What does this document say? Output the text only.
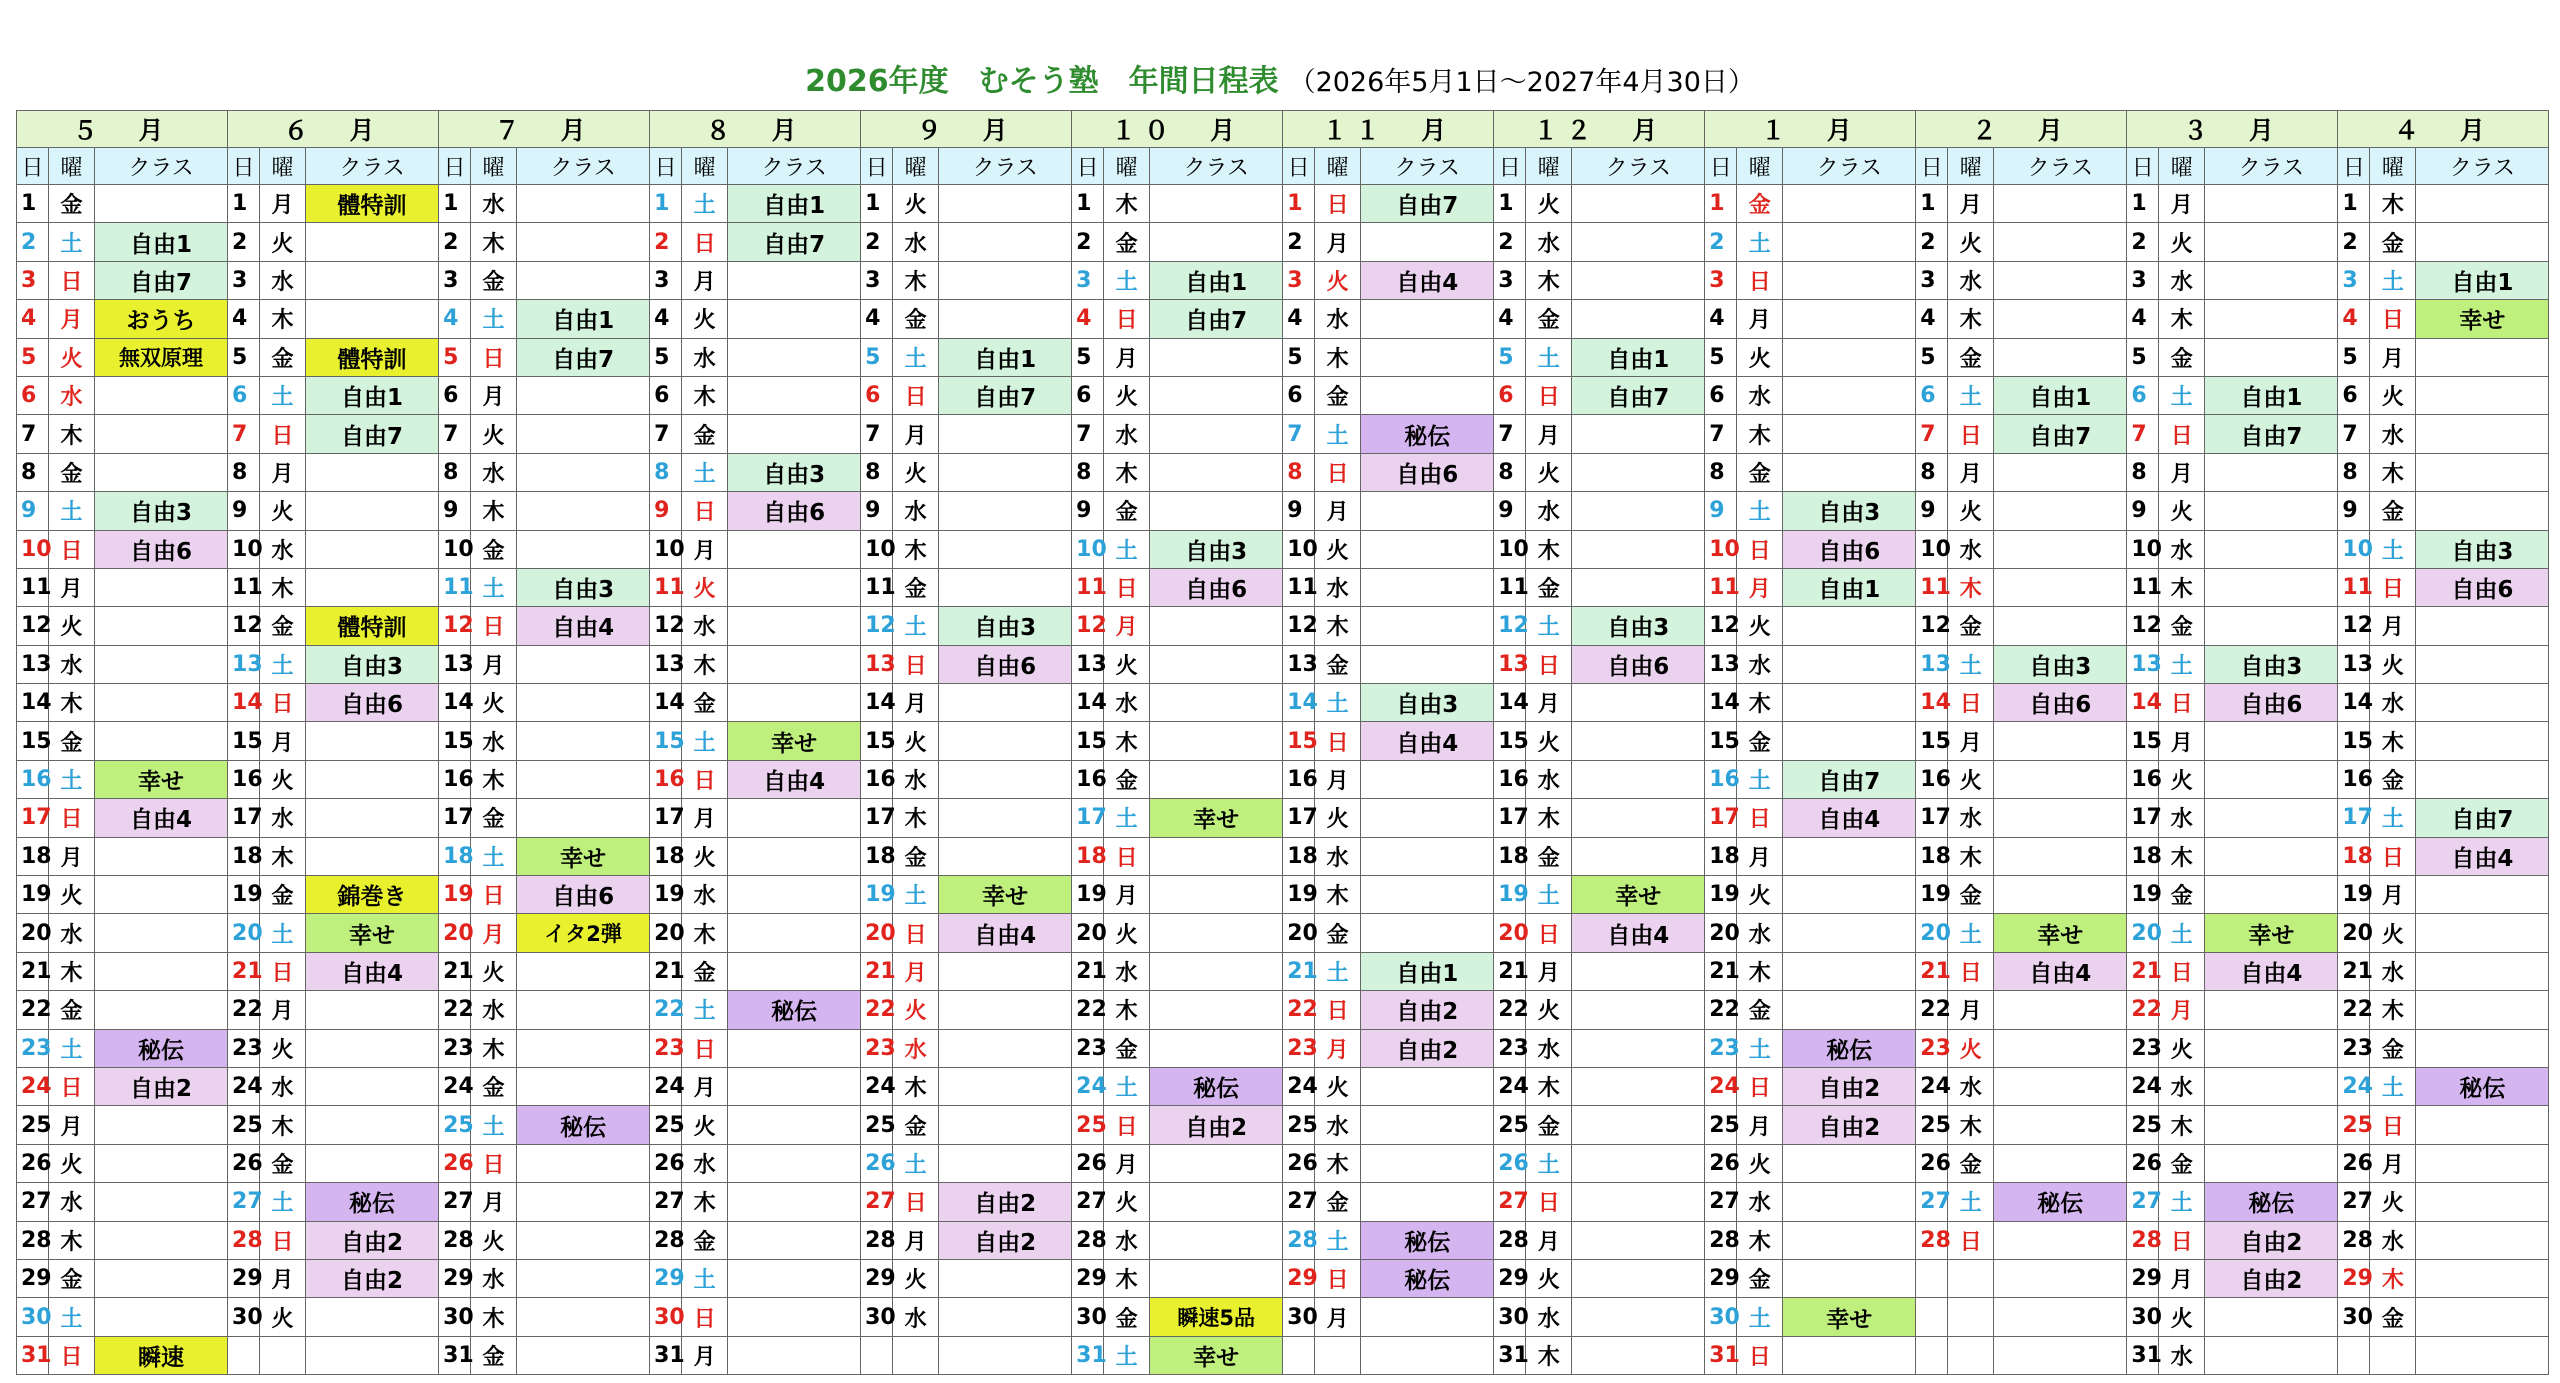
2026年度　むそう塾　年間日程表 （2026年5月1日～2027年4月30日）
５　月			６　月			７　月			８　月			９　月			１０　月			１１　月			１２　月			１　月			２　月			３　月			４　月		
日	曜	クラス	日	曜	クラス	日	曜	クラス	日	曜	クラス	日	曜	クラス	日	曜	クラス	日	曜	クラス	日	曜	クラス	日	曜	クラス	日	曜	クラス	日	曜	クラス	日	曜	クラス
1	金		1	月	體特訓	1	水		1	土	自由1	1	火		1	木		1	日	自由7	1	火		1	金		1	月		1	月		1	木	
2	土	自由1	2	火		2	木		2	日	自由7	2	水		2	金		2	月		2	水		2	土		2	火		2	火		2	金	
3	日	自由7	3	水		3	金		3	月		3	木		3	土	自由1	3	火	自由4	3	木		3	日		3	水		3	水		3	土	自由1
4	月	おうち	4	木		4	土	自由1	4	火		4	金		4	日	自由7	4	水		4	金		4	月		4	木		4	木		4	日	幸せ
5	火	無双原理	5	金	體特訓	5	日	自由7	5	水		5	土	自由1	5	月		5	木		5	土	自由1	5	火		5	金		5	金		5	月	
6	水		6	土	自由1	6	月		6	木		6	日	自由7	6	火		6	金		6	日	自由7	6	水		6	土	自由1	6	土	自由1	6	火	
7	木		7	日	自由7	7	火		7	金		7	月		7	水		7	土	秘伝	7	月		7	木		7	日	自由7	7	日	自由7	7	水	
8	金		8	月		8	水		8	土	自由3	8	火		8	木		8	日	自由6	8	火		8	金		8	月		8	月		8	木	
9	土	自由3	9	火		9	木		9	日	自由6	9	水		9	金		9	月		9	水		9	土	自由3	9	火		9	火		9	金	
10	日	自由6	10	水		10	金		10	月		10	木		10	土	自由3	10	火		10	木		10	日	自由6	10	水		10	水		10	土	自由3
11	月		11	木		11	土	自由3	11	火		11	金		11	日	自由6	11	水		11	金		11	月	自由1	11	木		11	木		11	日	自由6
12	火		12	金	體特訓	12	日	自由4	12	水		12	土	自由3	12	月		12	木		12	土	自由3	12	火		12	金		12	金		12	月	
13	水		13	土	自由3	13	月		13	木		13	日	自由6	13	火		13	金		13	日	自由6	13	水		13	土	自由3	13	土	自由3	13	火	
14	木		14	日	自由6	14	火		14	金		14	月		14	水		14	土	自由3	14	月		14	木		14	日	自由6	14	日	自由6	14	水	
15	金		15	月		15	水		15	土	幸せ	15	火		15	木		15	日	自由4	15	火		15	金		15	月		15	月		15	木	
16	土	幸せ	16	火		16	木		16	日	自由4	16	水		16	金		16	月		16	水		16	土	自由7	16	火		16	火		16	金	
17	日	自由4	17	水		17	金		17	月		17	木		17	土	幸せ	17	火		17	木		17	日	自由4	17	水		17	水		17	土	自由7
18	月		18	木		18	土	幸せ	18	火		18	金		18	日		18	水		18	金		18	月		18	木		18	木		18	日	自由4
19	火		19	金	錦巻き	19	日	自由6	19	水		19	土	幸せ	19	月		19	木		19	土	幸せ	19	火		19	金		19	金		19	月	
20	水		20	土	幸せ	20	月	イタ2弾	20	木		20	日	自由4	20	火		20	金		20	日	自由4	20	水		20	土	幸せ	20	土	幸せ	20	火	
21	木		21	日	自由4	21	火		21	金		21	月		21	水		21	土	自由1	21	月		21	木		21	日	自由4	21	日	自由4	21	水	
22	金		22	月		22	水		22	土	秘伝	22	火		22	木		22	日	自由2	22	火		22	金		22	月		22	月		22	木	
23	土	秘伝	23	火		23	木		23	日		23	水		23	金		23	月	自由2	23	水		23	土	秘伝	23	火		23	火		23	金	
24	日	自由2	24	水		24	金		24	月		24	木		24	土	秘伝	24	火		24	木		24	日	自由2	24	水		24	水		24	土	秘伝
25	月		25	木		25	土	秘伝	25	火		25	金		25	日	自由2	25	水		25	金		25	月	自由2	25	木		25	木		25	日	
26	火		26	金		26	日		26	水		26	土		26	月		26	木		26	土		26	火		26	金		26	金		26	月	
27	水		27	土	秘伝	27	月		27	木		27	日	自由2	27	火		27	金		27	日		27	水		27	土	秘伝	27	土	秘伝	27	火	
28	木		28	日	自由2	28	火		28	金		28	月	自由2	28	水		28	土	秘伝	28	月		28	木		28	日		28	日	自由2	28	水	
29	金		29	月	自由2	29	水		29	土		29	火		29	木		29	日	秘伝	29	火		29	金					29	月	自由2	29	木	
30	土		30	火		30	木		30	日		30	水		30	金	瞬速5品	30	月		30	水		30	土	幸せ				30	火		30	金	
31	日	瞬速				31	金		31	月					31	土	幸せ				31	木		31	日					31	水				
